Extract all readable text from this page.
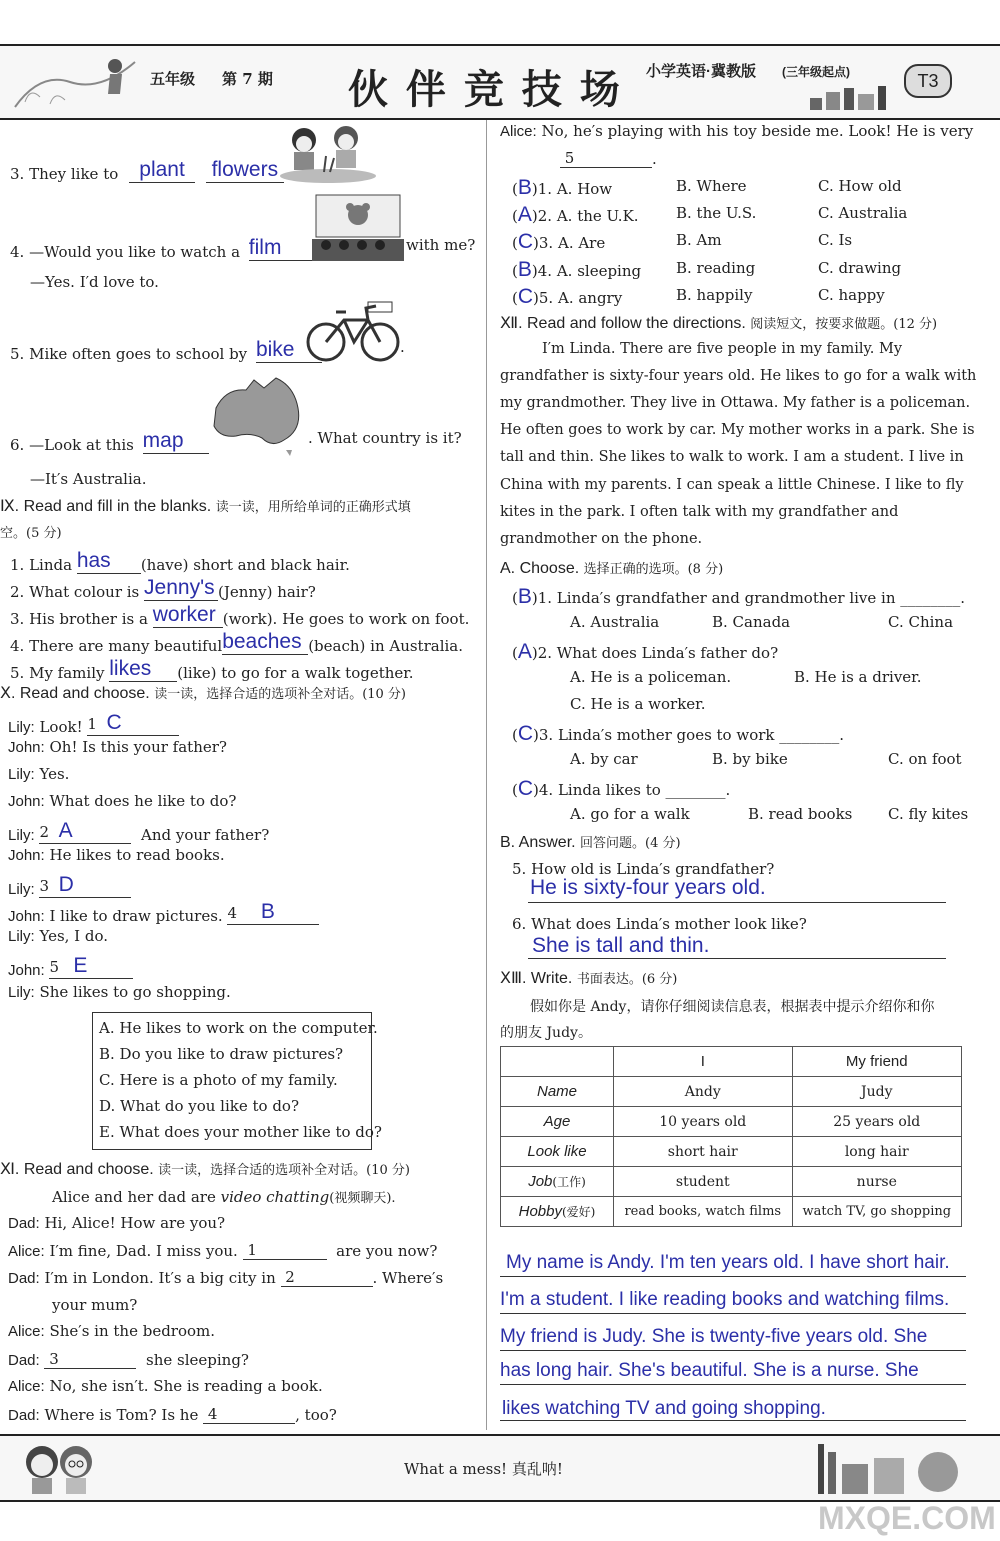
五年级 第 7 期 伙 伴 竞 技 场 小学英语·冀教版 (三年级起点)	T3
3. They like to plant flowers
4. —Would you like to watch a film	with me?
—Yes. I′d love to.
5. Mike often goes to school by bike	.
6. —Look at this map	. What country is it?
—It′s Australia.
Ⅸ. Read and fill in the blanks. 读一读，用所给单词的正确形式填
空。(5 分)
1. Linda has (have) short and black hair.
2. What colour is Jenny's (Jenny) hair?
3. His brother is a worker (work). He goes to work on foot.
4. There are many beautifulbeaches (beach) in Australia.
5. My family likes (like) to go for a walk together.
Ⅹ. Read and choose. 读一读，选择合适的选项补全对话。(10 分)
Lily: Look! 1 C
John: Oh! Is this your father?
Lily: Yes.
John: What does he like to do?
Lily: 2 A	And your father?
John: He likes to read books.
Lily: 3 D
John: I like to draw pictures. 4 B
Lily: Yes, I do.
John: 5 E
Lily: She likes to go shopping.
A. He likes to work on the computer.
B. Do you like to draw pictures?
C. Here is a photo of my family.
D. What do you like to do?
E. What does your mother like to do?
Ⅺ. Read and choose. 读一读，选择合适的选项补全对话。(10 分)
Alice and her dad are video chatting(视频聊天).
Dad: Hi, Alice! How are you?
Alice: I′m fine, Dad. I miss you. 1	are you now?
Dad: I′m in London. It′s a big city in 2	. Where′s
your mum?
Alice: She′s in the bedroom.
Dad: 3	she sleeping?
Alice: No, she isn′t. She is reading a book.
Dad: Where is Tom? Is he 4	, too?
Alice: No, he′s playing with his toy beside me. Look! He is very
5	.
(B)1. A. How	B. Where	C. How old
(A)2. A. the U.K. B. the U.S.	C. Australia
(C)3. A. Are	B. Am	C. Is
(B)4. A. sleeping B. reading	C. drawing
(C)5. A. angry	B. happily	C. happy
Ⅻ. Read and follow the directions. 阅读短文，按要求做题。(12 分)
I′m Linda. There are five people in my family. My
grandfather is sixty-four years old. He likes to go for a walk with
my grandmother. They live in Ottawa. My father is a policeman.
He often goes to work by car. My mother works in a park. She is
tall and thin. She likes to walk to work. I am a student. I live in
China with my parents. I can speak a little Chinese. I like to fly
kites in the park. I often talk with my grandfather and
grandmother on the phone.
A. Choose. 选择正确的选项。(8 分)
(B)1. Linda′s grandfather and grandmother live in ________.
A. Australia	B. Canada	C. China
(A)2. What does Linda′s father do?
A. He is a policeman.	B. He is a driver.
C. He is a worker.
(C)3. Linda′s mother goes to work ________.
A. by car	B. by bike	C. on foot
(C)4. Linda likes to ________.
A. go for a walk	B. read books C. fly kites
B. Answer. 回答问题。(4 分)
5. How old is Linda′s grandfather?
He is sixty-four years old.
6. What does Linda′s mother look like?
She is tall and thin.
ⅩⅢ. Write. 书面表达。(6 分)
假如你是 Andy，请你仔细阅读信息表，根据表中提示介绍你和你
的朋友 Judy。
	I	My friend
Name	Andy	Judy
Age	10 years old	25 years old
Look like	short hair	long hair
Job(工作)	student	nurse
Hobby(爱好)	read books, watch films	watch TV, go shopping
My name is Andy. I'm ten years old. I have short hair.
I'm a student. I like reading books and watching films.
My friend is Judy. She is twenty-five years old. She
has long hair. She's beautiful. She is a nurse. She
likes watching TV and going shopping.
What a mess! 真乱呐!
MXQE.COM
